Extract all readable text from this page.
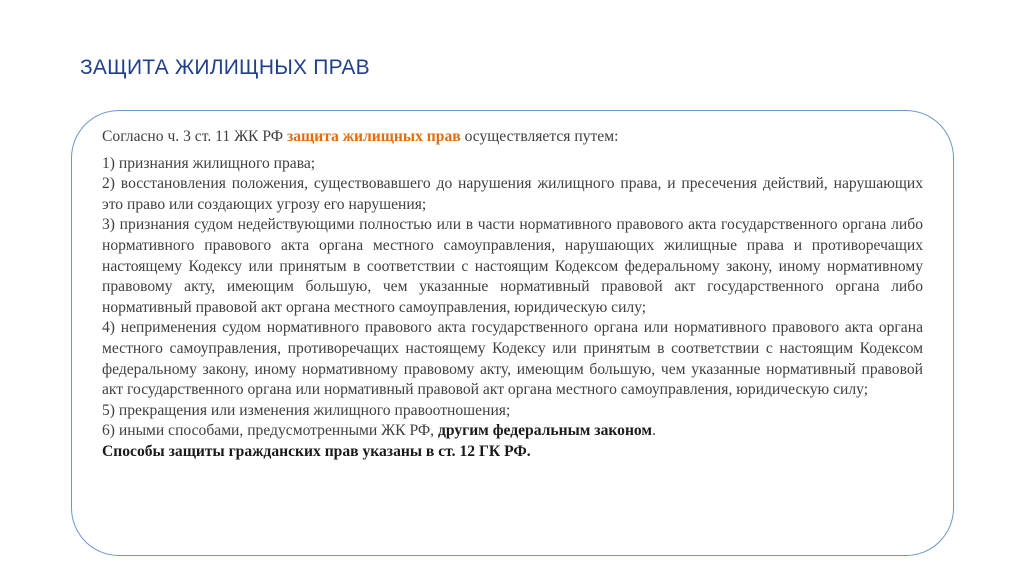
ЗАЩИТА ЖИЛИЩНЫХ ПРАВ

Согласно ч. 3 ст. 11 ЖК РФ защита жилищных прав осуществляется путем:

1) признания жилищного права;
2) восстановления положения, существовавшего до нарушения жилищного права, и пресечения действий, нарушающих это право или создающих угрозу его нарушения;
3) признания судом недействующими полностью или в части нормативного правового акта государственного органа либо нормативного правового акта органа местного самоуправления, нарушающих жилищные права и противоречащих настоящему Кодексу или принятым в соответствии с настоящим Кодексом федеральному закону, иному нормативному правовому акту, имеющим большую, чем указанные нормативный правовой акт государственного органа либо нормативный правовой акт органа местного самоуправления, юридическую силу;
4) неприменения судом нормативного правового акта государственного органа или нормативного правового акта органа местного самоуправления, противоречащих настоящему Кодексу или принятым в соответствии с настоящим Кодексом федеральному закону, иному нормативному правовому акту, имеющим большую, чем указанные нормативный правовой акт государственного органа или нормативный правовой акт органа местного самоуправления, юридическую силу;
5) прекращения или изменения жилищного правоотношения;
6) иными способами, предусмотренными ЖК РФ, другим федеральным законом.

Способы защиты гражданских прав указаны в ст. 12 ГК РФ.
